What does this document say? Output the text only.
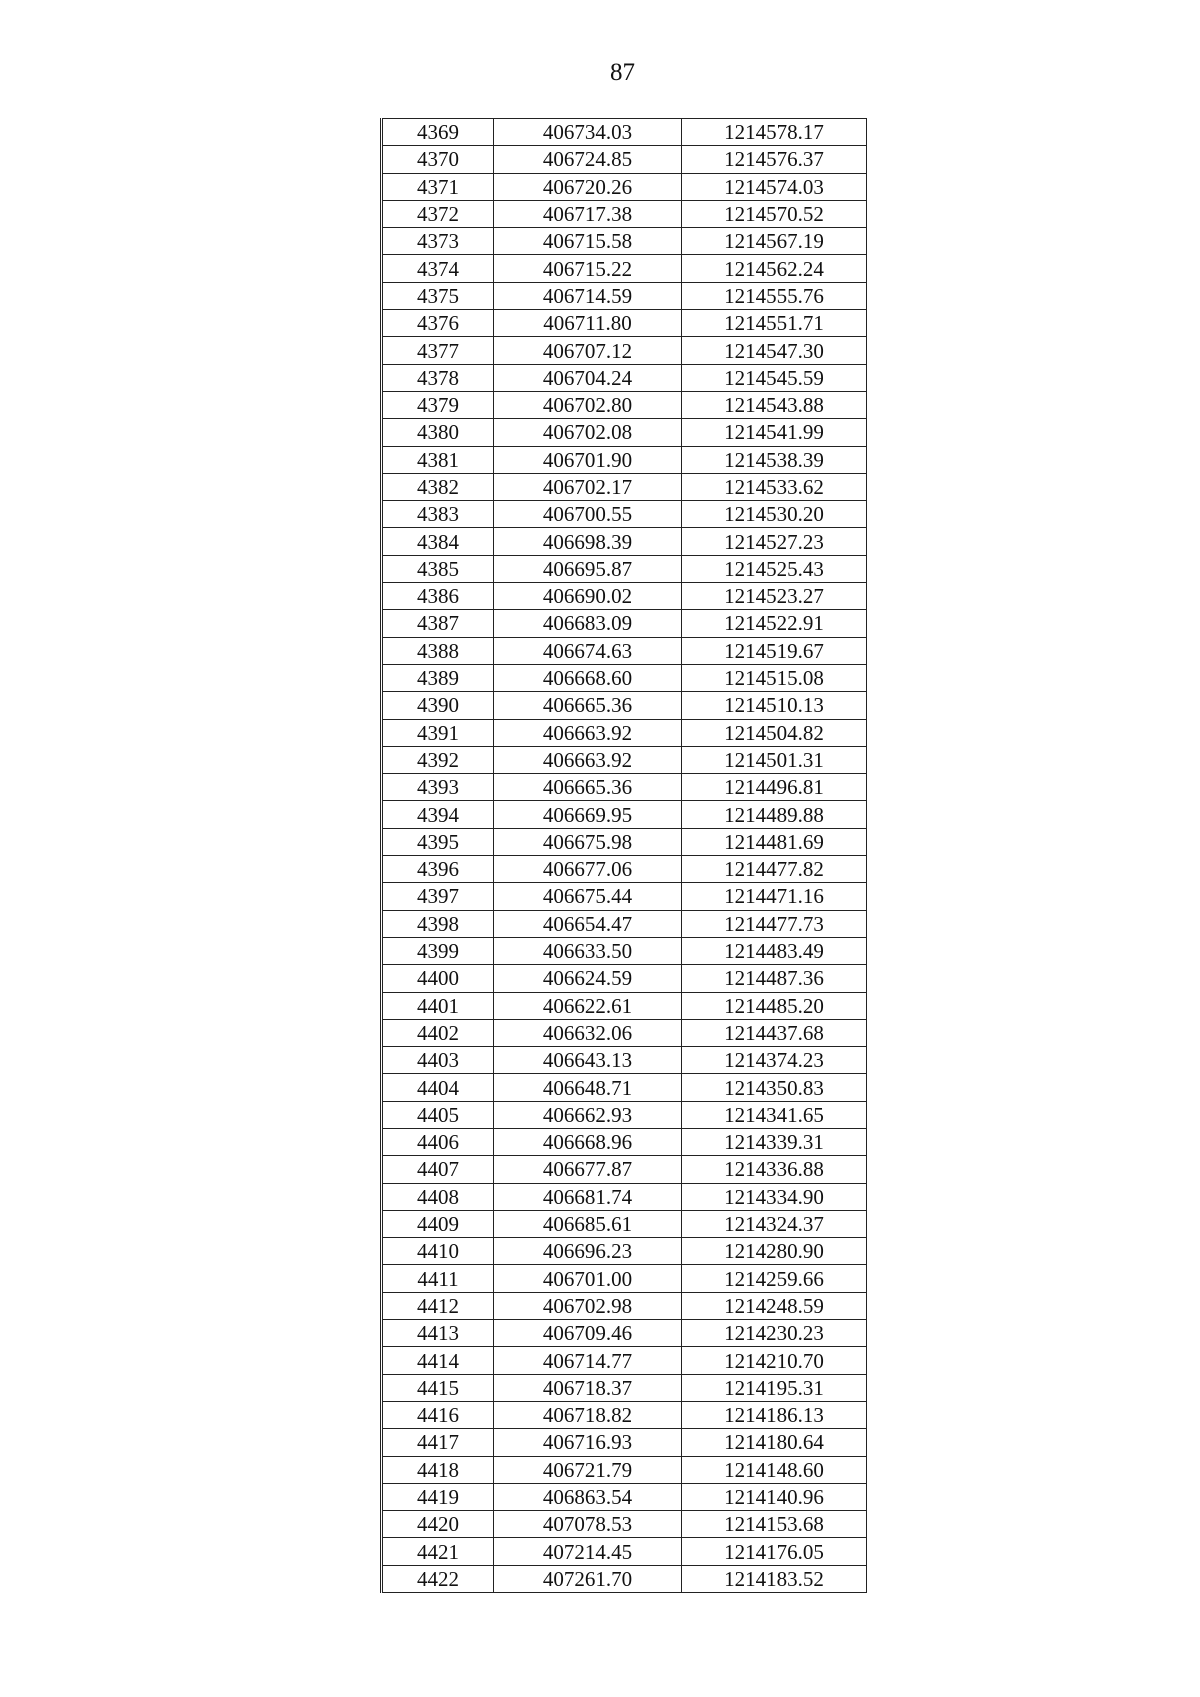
87
4369	406734.03	1214578.17
4370	406724.85	1214576.37
4371	406720.26	1214574.03
4372	406717.38	1214570.52
4373	406715.58	1214567.19
4374	406715.22	1214562.24
4375	406714.59	1214555.76
4376	406711.80	1214551.71
4377	406707.12	1214547.30
4378	406704.24	1214545.59
4379	406702.80	1214543.88
4380	406702.08	1214541.99
4381	406701.90	1214538.39
4382	406702.17	1214533.62
4383	406700.55	1214530.20
4384	406698.39	1214527.23
4385	406695.87	1214525.43
4386	406690.02	1214523.27
4387	406683.09	1214522.91
4388	406674.63	1214519.67
4389	406668.60	1214515.08
4390	406665.36	1214510.13
4391	406663.92	1214504.82
4392	406663.92	1214501.31
4393	406665.36	1214496.81
4394	406669.95	1214489.88
4395	406675.98	1214481.69
4396	406677.06	1214477.82
4397	406675.44	1214471.16
4398	406654.47	1214477.73
4399	406633.50	1214483.49
4400	406624.59	1214487.36
4401	406622.61	1214485.20
4402	406632.06	1214437.68
4403	406643.13	1214374.23
4404	406648.71	1214350.83
4405	406662.93	1214341.65
4406	406668.96	1214339.31
4407	406677.87	1214336.88
4408	406681.74	1214334.90
4409	406685.61	1214324.37
4410	406696.23	1214280.90
4411	406701.00	1214259.66
4412	406702.98	1214248.59
4413	406709.46	1214230.23
4414	406714.77	1214210.70
4415	406718.37	1214195.31
4416	406718.82	1214186.13
4417	406716.93	1214180.64
4418	406721.79	1214148.60
4419	406863.54	1214140.96
4420	407078.53	1214153.68
4421	407214.45	1214176.05
4422	407261.70	1214183.52
